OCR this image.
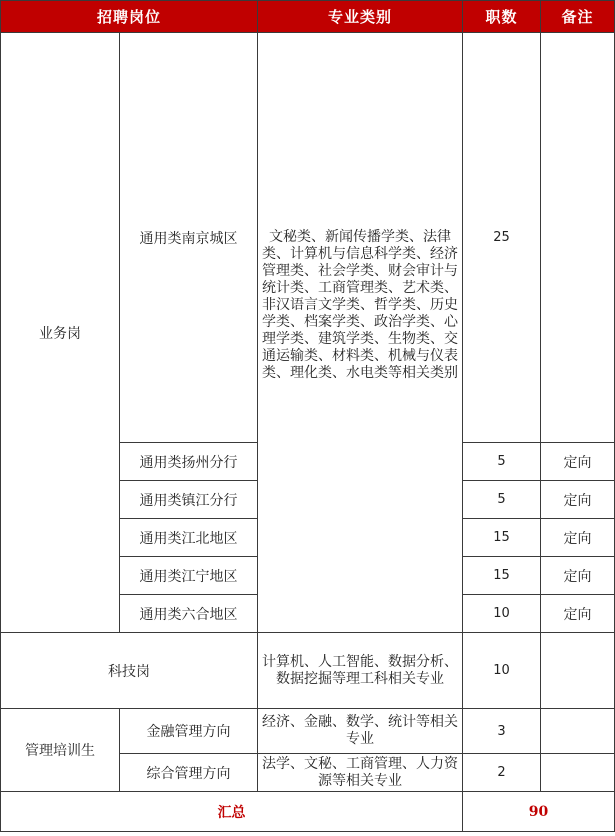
招聘岗位		专业类别	职数	备注
业务岗	通用类南京城区	文秘类、新闻传播学类、法律类、计算机与信息科学类、经济管理类、社会学类、财会审计与统计类、工商管理类、艺术类、非汉语言文学类、哲学类、历史学类、档案学类、政治学类、心理学类、建筑学类、生物类、交通运输类、材料类、机械与仪表类、理化类、水电类等相关类别	25	
	通用类扬州分行		5	定向
	通用类镇江分行		5	定向
	通用类江北地区		15	定向
	通用类江宁地区		15	定向
	通用类六合地区		10	定向
科技岗		计算机、人工智能、数据分析、数据挖掘等理工科相关专业	10	
管理培训生	金融管理方向	经济、金融、数学、统计等相关专业	3	
	综合管理方向	法学、文秘、工商管理、人力资源等相关专业	2	
汇总			90	
